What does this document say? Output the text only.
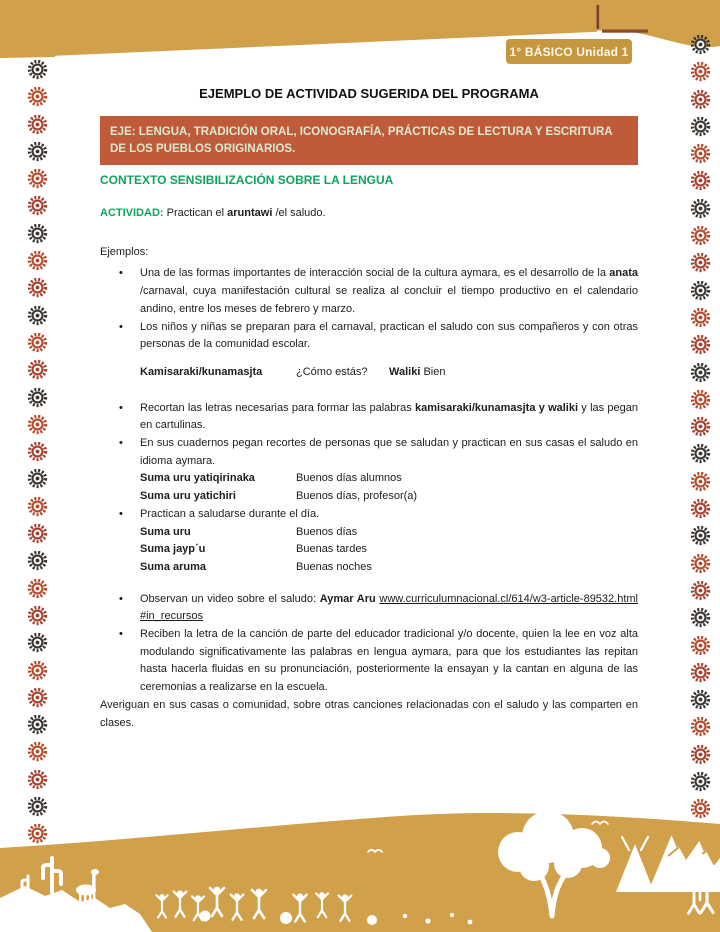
1° BÁSICO Unidad 1
EJEMPLO DE ACTIVIDAD SUGERIDA DEL PROGRAMA
EJE: LENGUA, TRADICIÓN ORAL, ICONOGRAFÍA, PRÁCTICAS DE LECTURA Y ESCRITURA DE LOS PUEBLOS ORIGINARIOS.
CONTEXTO SENSIBILIZACIÓN SOBRE LA LENGUA
ACTIVIDAD: Practican el aruntawi /el saludo.
Ejemplos:
• Una de las formas importantes de interacción social de la cultura aymara, es el desarrollo de la anata /carnaval, cuya manifestación cultural se realiza al concluir el tiempo productivo en el calendario andino, entre los meses de febrero y marzo.
• Los niños y niñas se preparan para el carnaval, practican el saludo con sus compañeros y con otras personas de la comunidad escolar.
Kamisaraki/kunamasjta	¿Cómo estás?	Waliki Bien
• Recortan las letras necesarias para formar las palabras kamisaraki/kunamasjta y waliki y las pegan en cartulinas.
• En sus cuadernos pegan recortes de personas que se saludan y practican en sus casas el saludo en idioma aymara.
Suma uru yatiqirinaka	Buenos días alumnos
Suma uru yatichiri	Buenos días, profesor(a)
• Practican a saludarse durante el día.
Suma uru	Buenos días
Suma jayp´u	Buenas tardes
Suma aruma	Buenas noches
• Observan un video sobre el saludo: Aymar Aru www.curriculumnacional.cl/614/w3-article-89532.html#in_recursos
• Reciben la letra de la canción de parte del educador tradicional y/o docente, quien la lee en voz alta modulando significativamente las palabras en lengua aymara, para que los estudiantes las repitan hasta hacerla fluidas en su pronunciación, posteriormente la ensayan y la cantan en alguna de las ceremonias a realizarse en la escuela.
Averiguan en sus casas o comunidad, sobre otras canciones relacionadas con el saludo y las comparten en clases.
